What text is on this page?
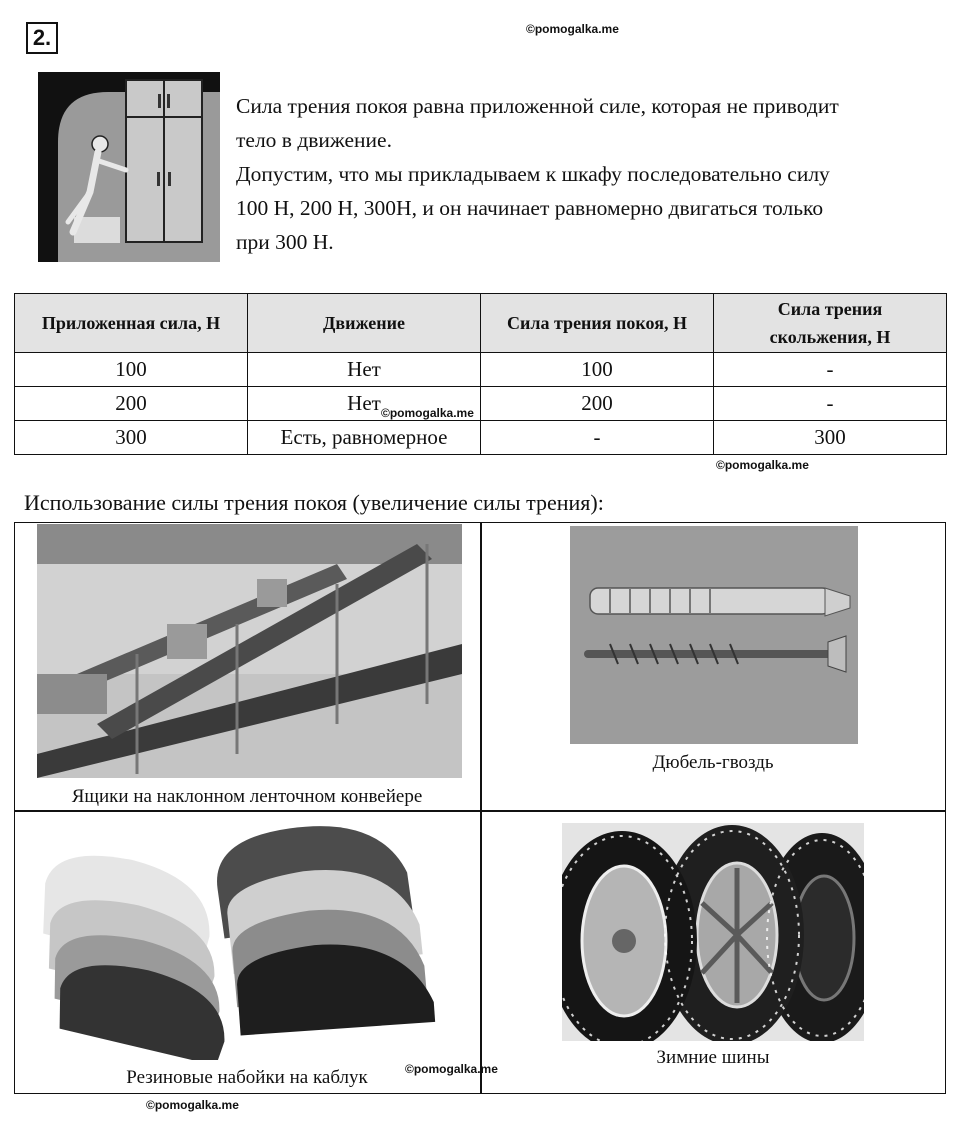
2.	©pomogalka.me
Сила трения покоя равна приложенной силе, которая не приводит
тело в движение.
Допустим, что мы прикладываем к шкафу последовательно силу
100 Н, 200 Н, 300Н, и он начинает равномерно двигаться только
при 300 Н.
Приложенная сила, Н	Движение	Сила трения покоя, Н	Сила трения скольжения, Н
100	Нет	100	-
200	Нет	200	-
300	Есть, равномерное	-	300
©pomogalka.me
©pomogalka.me
Использование силы трения покоя (увеличение силы трения):
Ящики на наклонном ленточном конвейере
Дюбель-гвоздь
Резиновые набойки на каблук	©pomogalka.me
Зимние шины
©pomogalka.me
